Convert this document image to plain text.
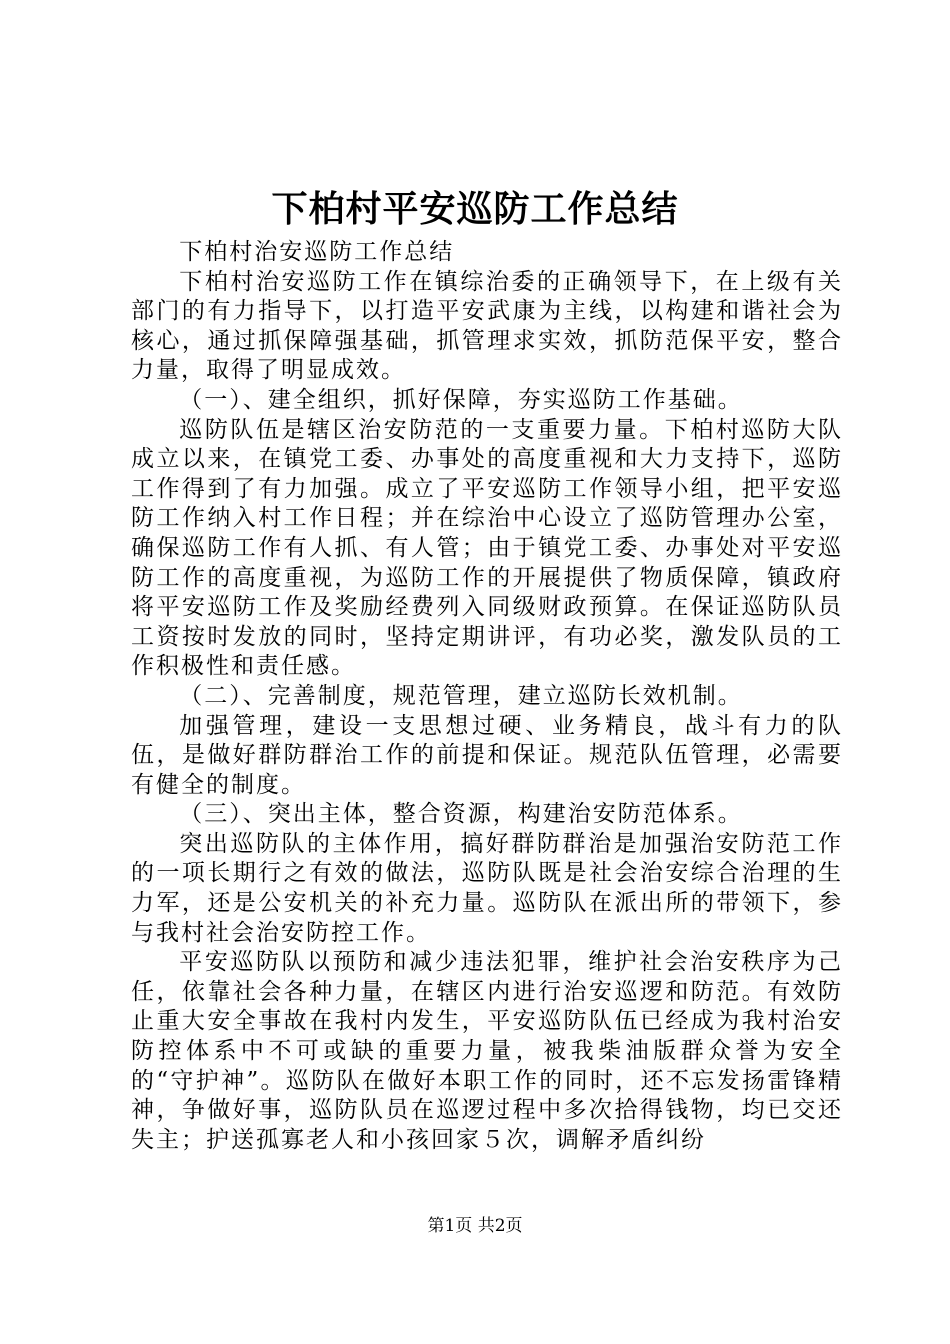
下柏村平安巡防工作总结

下柏村治安巡防工作总结

下柏村治安巡防工作在镇综治委的正确领导下，在上级有关部门的有力指导下，以打造平安武康为主线，以构建和谐社会为核心，通过抓保障强基础，抓管理求实效，抓防范保平安，整合力量，取得了明显成效。

（一）、建全组织，抓好保障，夯实巡防工作基础。

巡防队伍是辖区治安防范的一支重要力量。下柏村巡防大队成立以来，在镇党工委、办事处的高度重视和大力支持下，巡防工作得到了有力加强。成立了平安巡防工作领导小组，把平安巡防工作纳入村工作日程；并在综治中心设立了巡防管理办公室，确保巡防工作有人抓、有人管；由于镇党工委、办事处对平安巡防工作的高度重视，为巡防工作的开展提供了物质保障，镇政府将平安巡防工作及奖励经费列入同级财政预算。在保证巡防队员工资按时发放的同时，坚持定期讲评，有功必奖，激发队员的工作积极性和责任感。

（二）、完善制度，规范管理，建立巡防长效机制。

加强管理，建设一支思想过硬、业务精良，战斗有力的队伍，是做好群防群治工作的前提和保证。规范队伍管理，必需要有健全的制度。

（三）、突出主体，整合资源，构建治安防范体系。

突出巡防队的主体作用，搞好群防群治是加强治安防范工作的一项长期行之有效的做法，巡防队既是社会治安综合治理的生力军，还是公安机关的补充力量。巡防队在派出所的带领下，参与我村社会治安防控工作。

平安巡防队以预防和减少违法犯罪，维护社会治安秩序为己任，依靠社会各种力量，在辖区内进行治安巡逻和防范。有效防止重大安全事故在我村内发生，平安巡防队伍已经成为我村治安防控体系中不可或缺的重要力量，被我柴油版群众誉为安全的“守护神”。巡防队在做好本职工作的同时，还不忘发扬雷锋精神，争做好事，巡防队员在巡逻过程中多次拾得钱物，均已交还失主；护送孤寡老人和小孩回家５次，调解矛盾纠纷

第1页 共2页
